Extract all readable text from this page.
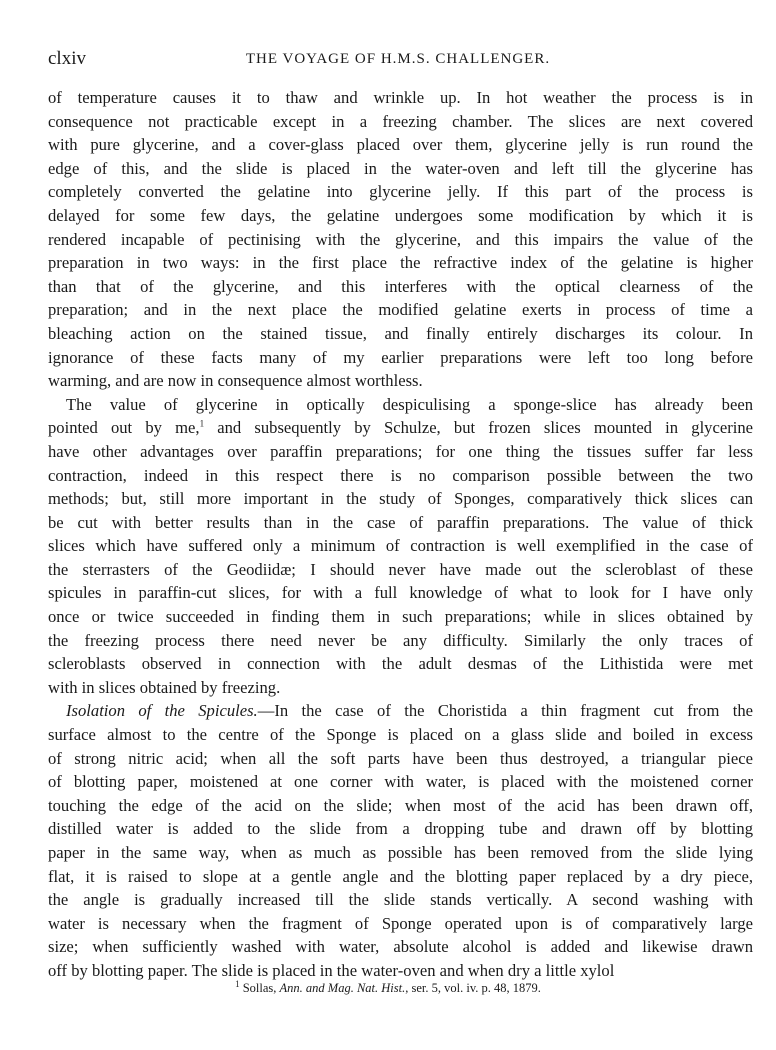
clxiv	THE VOYAGE OF H.M.S. CHALLENGER.
of temperature causes it to thaw and wrinkle up. In hot weather the process is in
consequence not practicable except in a freezing chamber. The slices are next covered
with pure glycerine, and a cover-glass placed over them, glycerine jelly is run round the
edge of this, and the slide is placed in the water-oven and left till the glycerine has
completely converted the gelatine into glycerine jelly. If this part of the process is
delayed for some few days, the gelatine undergoes some modification by which it is
rendered incapable of pectinising with the glycerine, and this impairs the value of the
preparation in two ways: in the first place the refractive index of the gelatine is higher
than that of the glycerine, and this interferes with the optical clearness of the
preparation; and in the next place the modified gelatine exerts in process of time a
bleaching action on the stained tissue, and finally entirely discharges its colour. In
ignorance of these facts many of my earlier preparations were left too long before
warming, and are now in consequence almost worthless.
The value of glycerine in optically despiculising a sponge-slice has already been
pointed out by me,$^1$ and subsequently by Schulze, but frozen slices mounted in glycerine
have other advantages over paraffin preparations; for one thing the tissues suffer far less
contraction, indeed in this respect there is no comparison possible between the two
methods; but, still more important in the study of Sponges, comparatively thick slices can
be cut with better results than in the case of paraffin preparations. The value of thick
slices which have suffered only a minimum of contraction is well exemplified in the case of
the sterrasters of the Geodiidæ; I should never have made out the scleroblast of these
spicules in paraffin-cut slices, for with a full knowledge of what to look for I have only
once or twice succeeded in finding them in such preparations; while in slices obtained by
the freezing process there need never be any difficulty. Similarly the only traces of
scleroblasts observed in connection with the adult desmas of the Lithistida were met
with in slices obtained by freezing.
Isolation of the Spicules.—In the case of the Choristida a thin fragment cut from the
surface almost to the centre of the Sponge is placed on a glass slide and boiled in excess
of strong nitric acid; when all the soft parts have been thus destroyed, a triangular piece
of blotting paper, moistened at one corner with water, is placed with the moistened corner
touching the edge of the acid on the slide; when most of the acid has been drawn off,
distilled water is added to the slide from a dropping tube and drawn off by blotting
paper in the same way, when as much as possible has been removed from the slide lying
flat, it is raised to slope at a gentle angle and the blotting paper replaced by a dry piece,
the angle is gradually increased till the slide stands vertically. A second washing with
water is necessary when the fragment of Sponge operated upon is of comparatively large
size; when sufficiently washed with water, absolute alcohol is added and likewise drawn
off by blotting paper. The slide is placed in the water-oven and when dry a little xylol
$^1$ Sollas, Ann. and Mag. Nat. Hist., ser. 5, vol. iv. p. 48, 1879.
